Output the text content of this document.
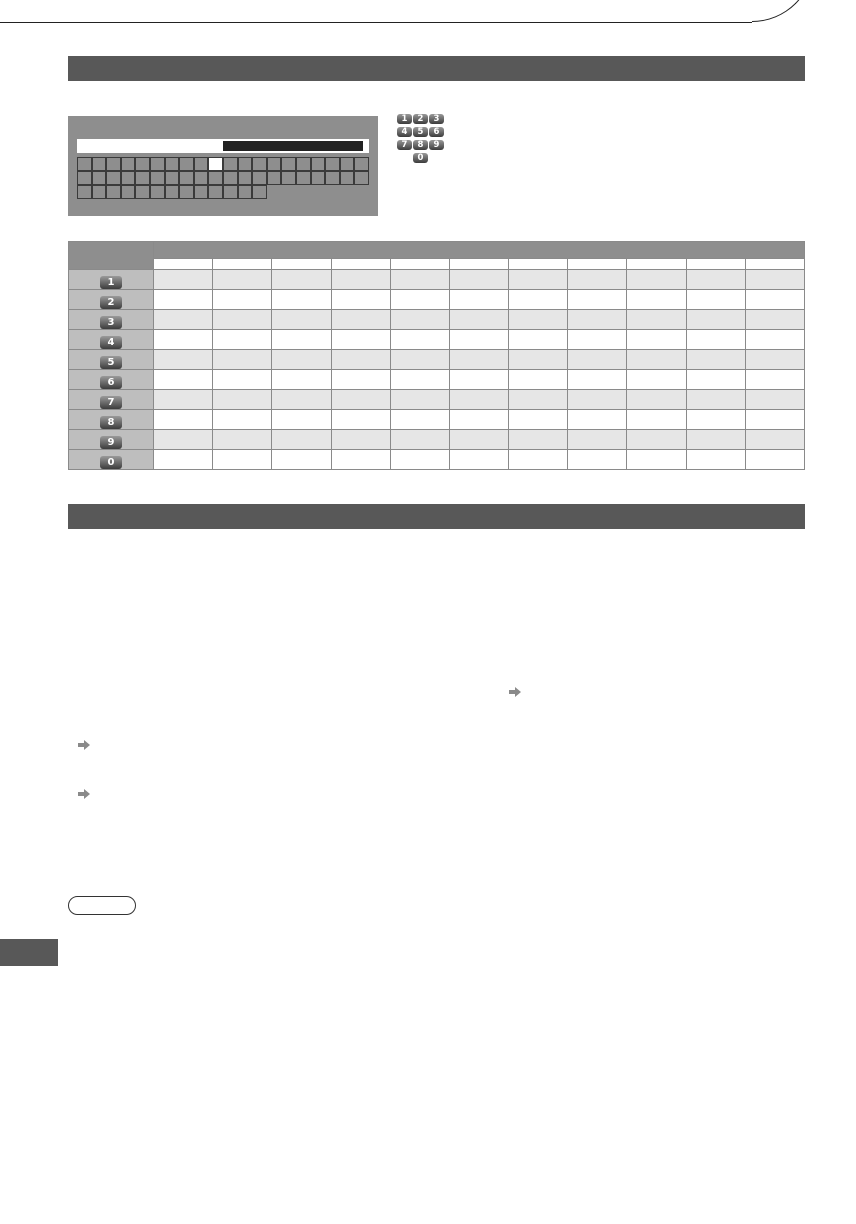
1	2	3
4	5	6
7	8	9
0

1											
2											
3											
4											
5											
6											
7											
8											
9											
0											
